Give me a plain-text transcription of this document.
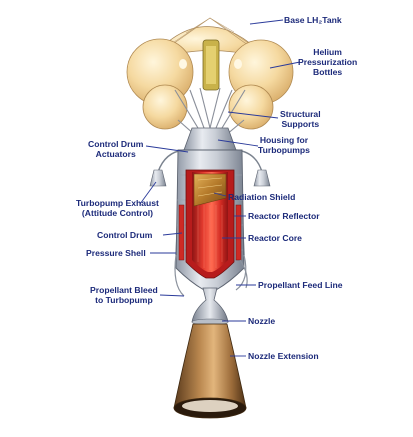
Base LH₂Tank
Helium
Pressurization
Bottles
Structural
Supports
Housing for
Turbopumps
Control Drum
Actuators
Turbopump Exhaust
(Attitude Control)
Radiation Shield
Reactor Reflector
Reactor Core
Control Drum
Pressure Shell
Propellant Bleed
to Turbopump
Propellant Feed Line
Nozzle
Nozzle Extension
